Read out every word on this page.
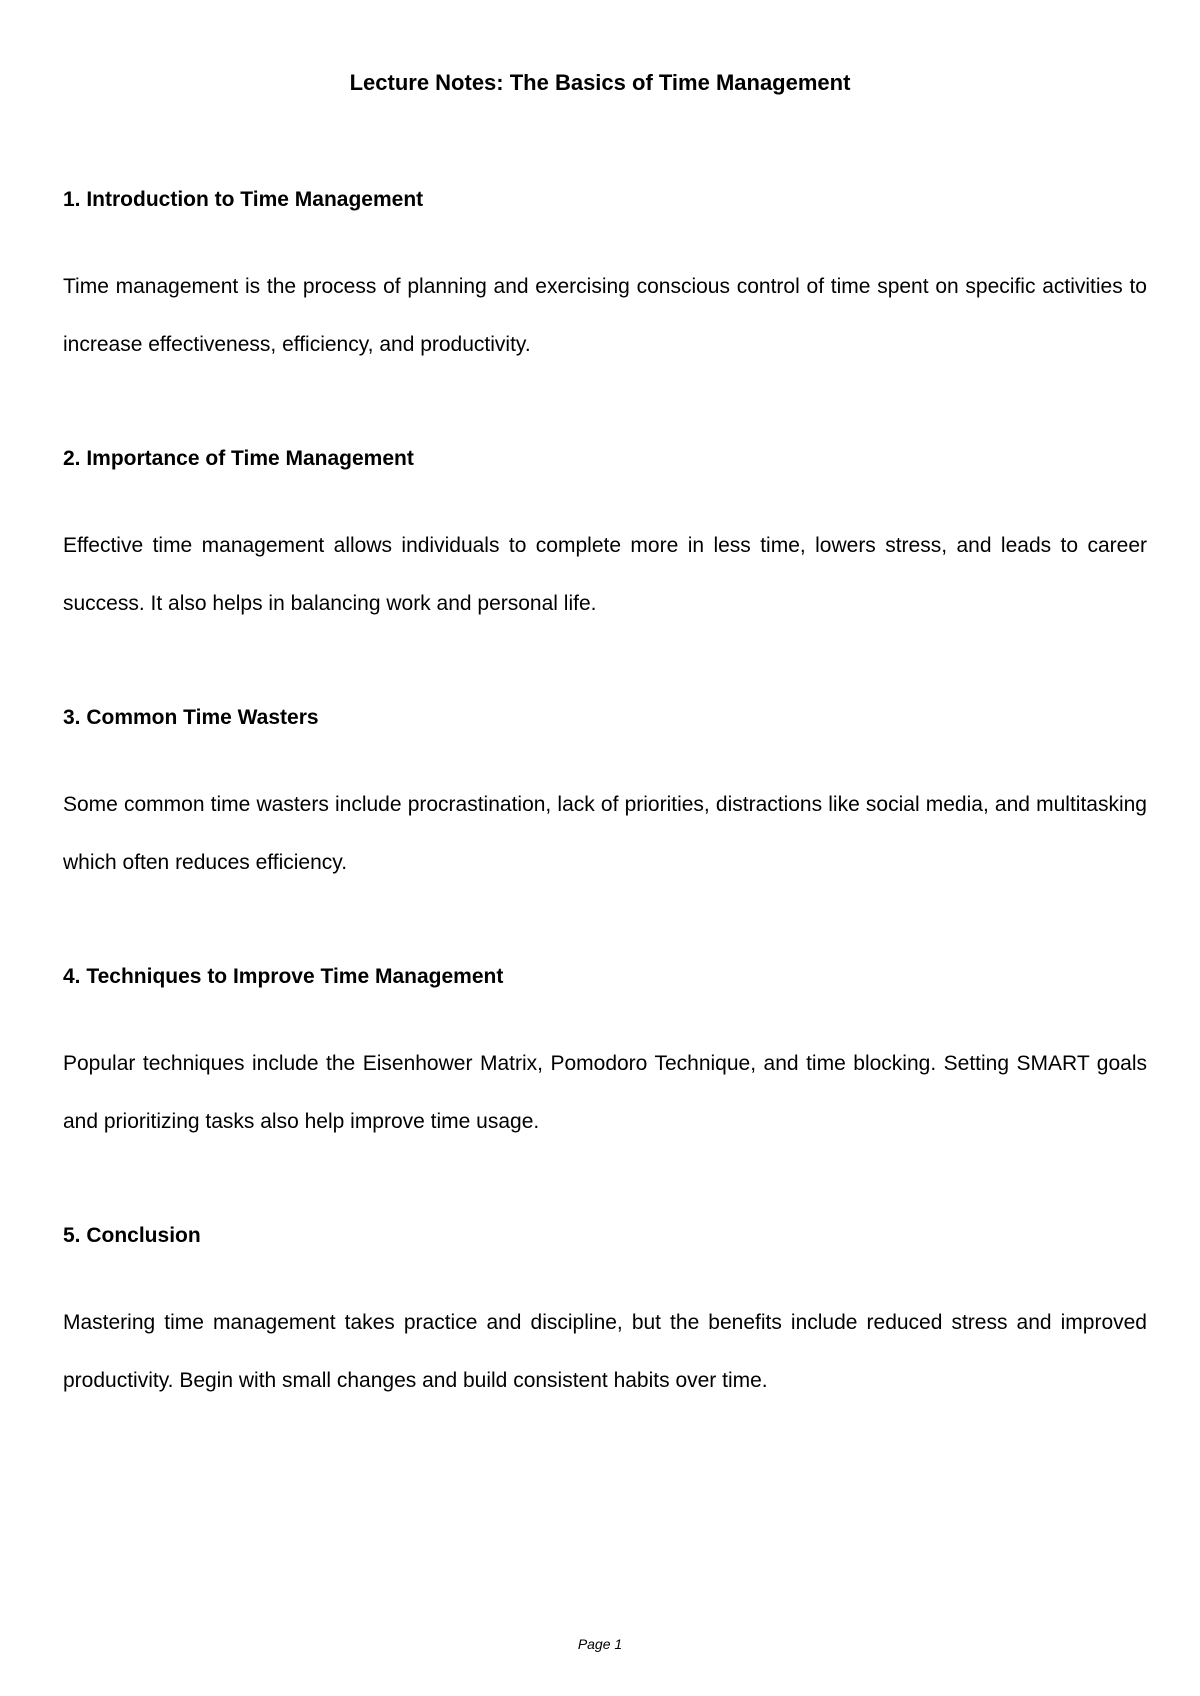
Lecture Notes: The Basics of Time Management
1. Introduction to Time Management

Time management is the process of planning and exercising conscious control of time spent on specific activities to increase effectiveness, efficiency, and productivity.

2. Importance of Time Management

Effective time management allows individuals to complete more in less time, lowers stress, and leads to career success. It also helps in balancing work and personal life.

3. Common Time Wasters

Some common time wasters include procrastination, lack of priorities, distractions like social media, and multitasking which often reduces efficiency.

4. Techniques to Improve Time Management

Popular techniques include the Eisenhower Matrix, Pomodoro Technique, and time blocking. Setting SMART goals and prioritizing tasks also help improve time usage.

5. Conclusion

Mastering time management takes practice and discipline, but the benefits include reduced stress and improved productivity. Begin with small changes and build consistent habits over time.

Page 1
